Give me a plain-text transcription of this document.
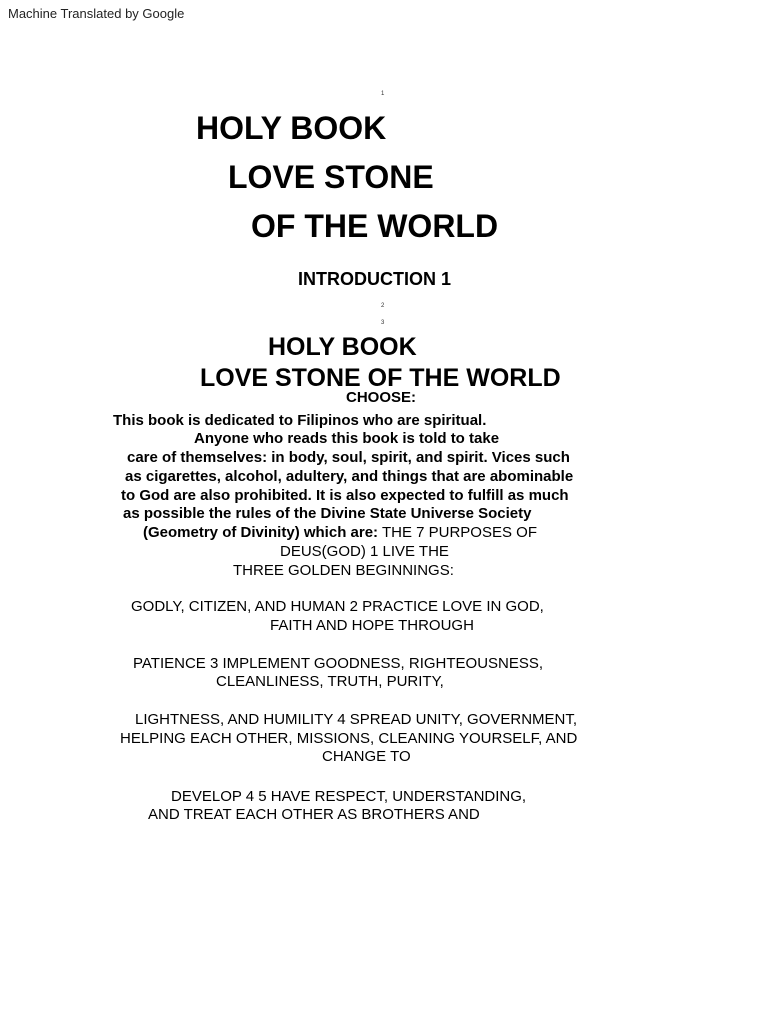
Machine Translated by Google
1
HOLY BOOK
LOVE STONE
OF THE WORLD
INTRODUCTION 1
2
3
HOLY BOOK
LOVE STONE OF THE WORLD
CHOOSE:
This book is dedicated to Filipinos who are spiritual.
Anyone who reads this book is told to take
care of themselves: in body, soul, spirit, and spirit. Vices such
as cigarettes, alcohol, adultery, and things that are abominable
to God are also prohibited. It is also expected to fulfill as much
as possible the rules of the Divine State Universe Society
(Geometry of Divinity) which are: THE 7 PURPOSES OF
DEUS(GOD) 1 LIVE THE
THREE GOLDEN BEGINNINGS:
GODLY, CITIZEN, AND HUMAN 2 PRACTICE LOVE IN GOD,
FAITH AND HOPE THROUGH
PATIENCE 3 IMPLEMENT GOODNESS, RIGHTEOUSNESS,
CLEANLINESS, TRUTH, PURITY,
LIGHTNESS, AND HUMILITY 4 SPREAD UNITY, GOVERNMENT,
HELPING EACH OTHER, MISSIONS, CLEANING YOURSELF, AND
CHANGE TO
DEVELOP 4 5 HAVE RESPECT, UNDERSTANDING,
AND TREAT EACH OTHER AS BROTHERS AND
